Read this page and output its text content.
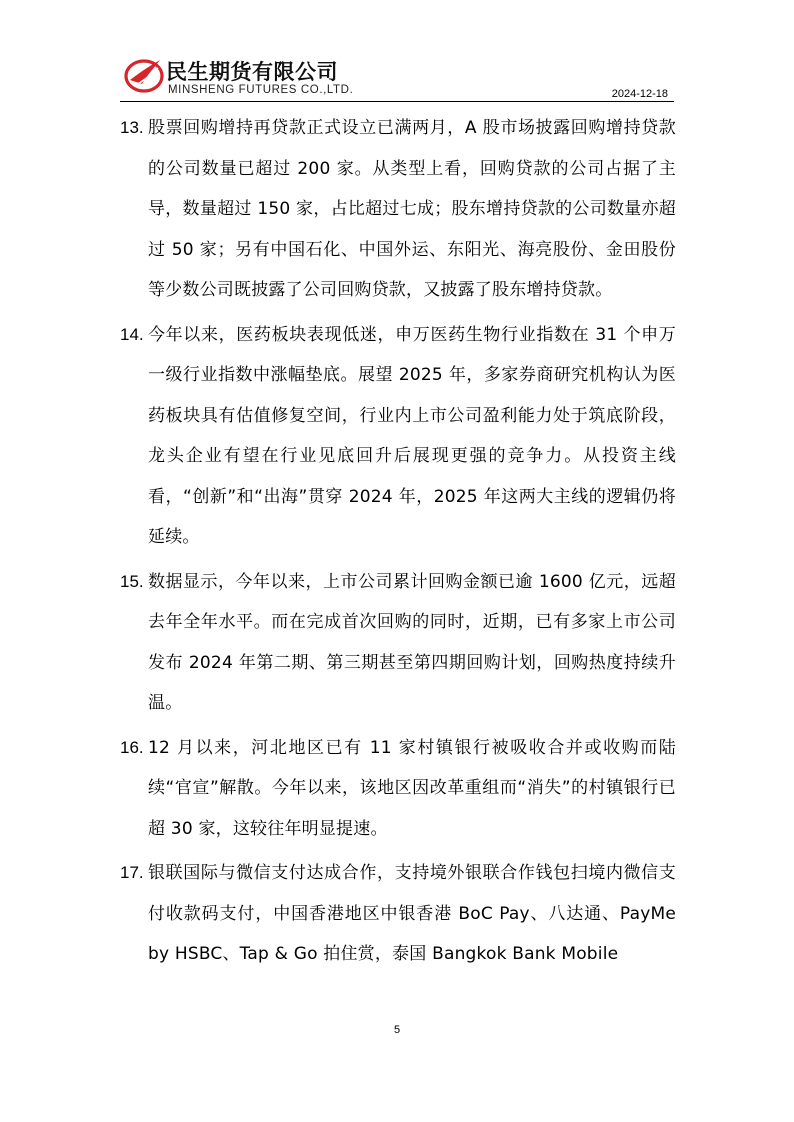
民生期货有限公司
MINSHENG FUTURES CO.,LTD.	2024-12-18
13. 股票回购增持再贷款正式设立已满两月，A 股市场披露回购增持贷款的公司数量已超过 200 家。从类型上看，回购贷款的公司占据了主导，数量超过 150 家，占比超过七成；股东增持贷款的公司数量亦超过 50 家；另有中国石化、中国外运、东阳光、海亮股份、金田股份等少数公司既披露了公司回购贷款，又披露了股东增持贷款。
14. 今年以来，医药板块表现低迷，申万医药生物行业指数在 31 个申万一级行业指数中涨幅垫底。展望 2025 年，多家券商研究机构认为医药板块具有估值修复空间，行业内上市公司盈利能力处于筑底阶段，龙头企业有望在行业见底回升后展现更强的竞争力。从投资主线看，“创新”和“出海”贯穿 2024 年，2025 年这两大主线的逻辑仍将延续。
15. 数据显示，今年以来，上市公司累计回购金额已逾 1600 亿元，远超去年全年水平。而在完成首次回购的同时，近期，已有多家上市公司发布 2024 年第二期、第三期甚至第四期回购计划，回购热度持续升温。
16. 12 月以来，河北地区已有 11 家村镇银行被吸收合并或收购而陆续“官宣”解散。今年以来，该地区因改革重组而“消失”的村镇银行已超 30 家，这较往年明显提速。
17. 银联国际与微信支付达成合作，支持境外银联合作钱包扫境内微信支付收款码支付，中国香港地区中银香港 BoC Pay、八达通、PayMe by HSBC、Tap & Go 拍住赏，泰国 Bangkok Bank Mobile
5
